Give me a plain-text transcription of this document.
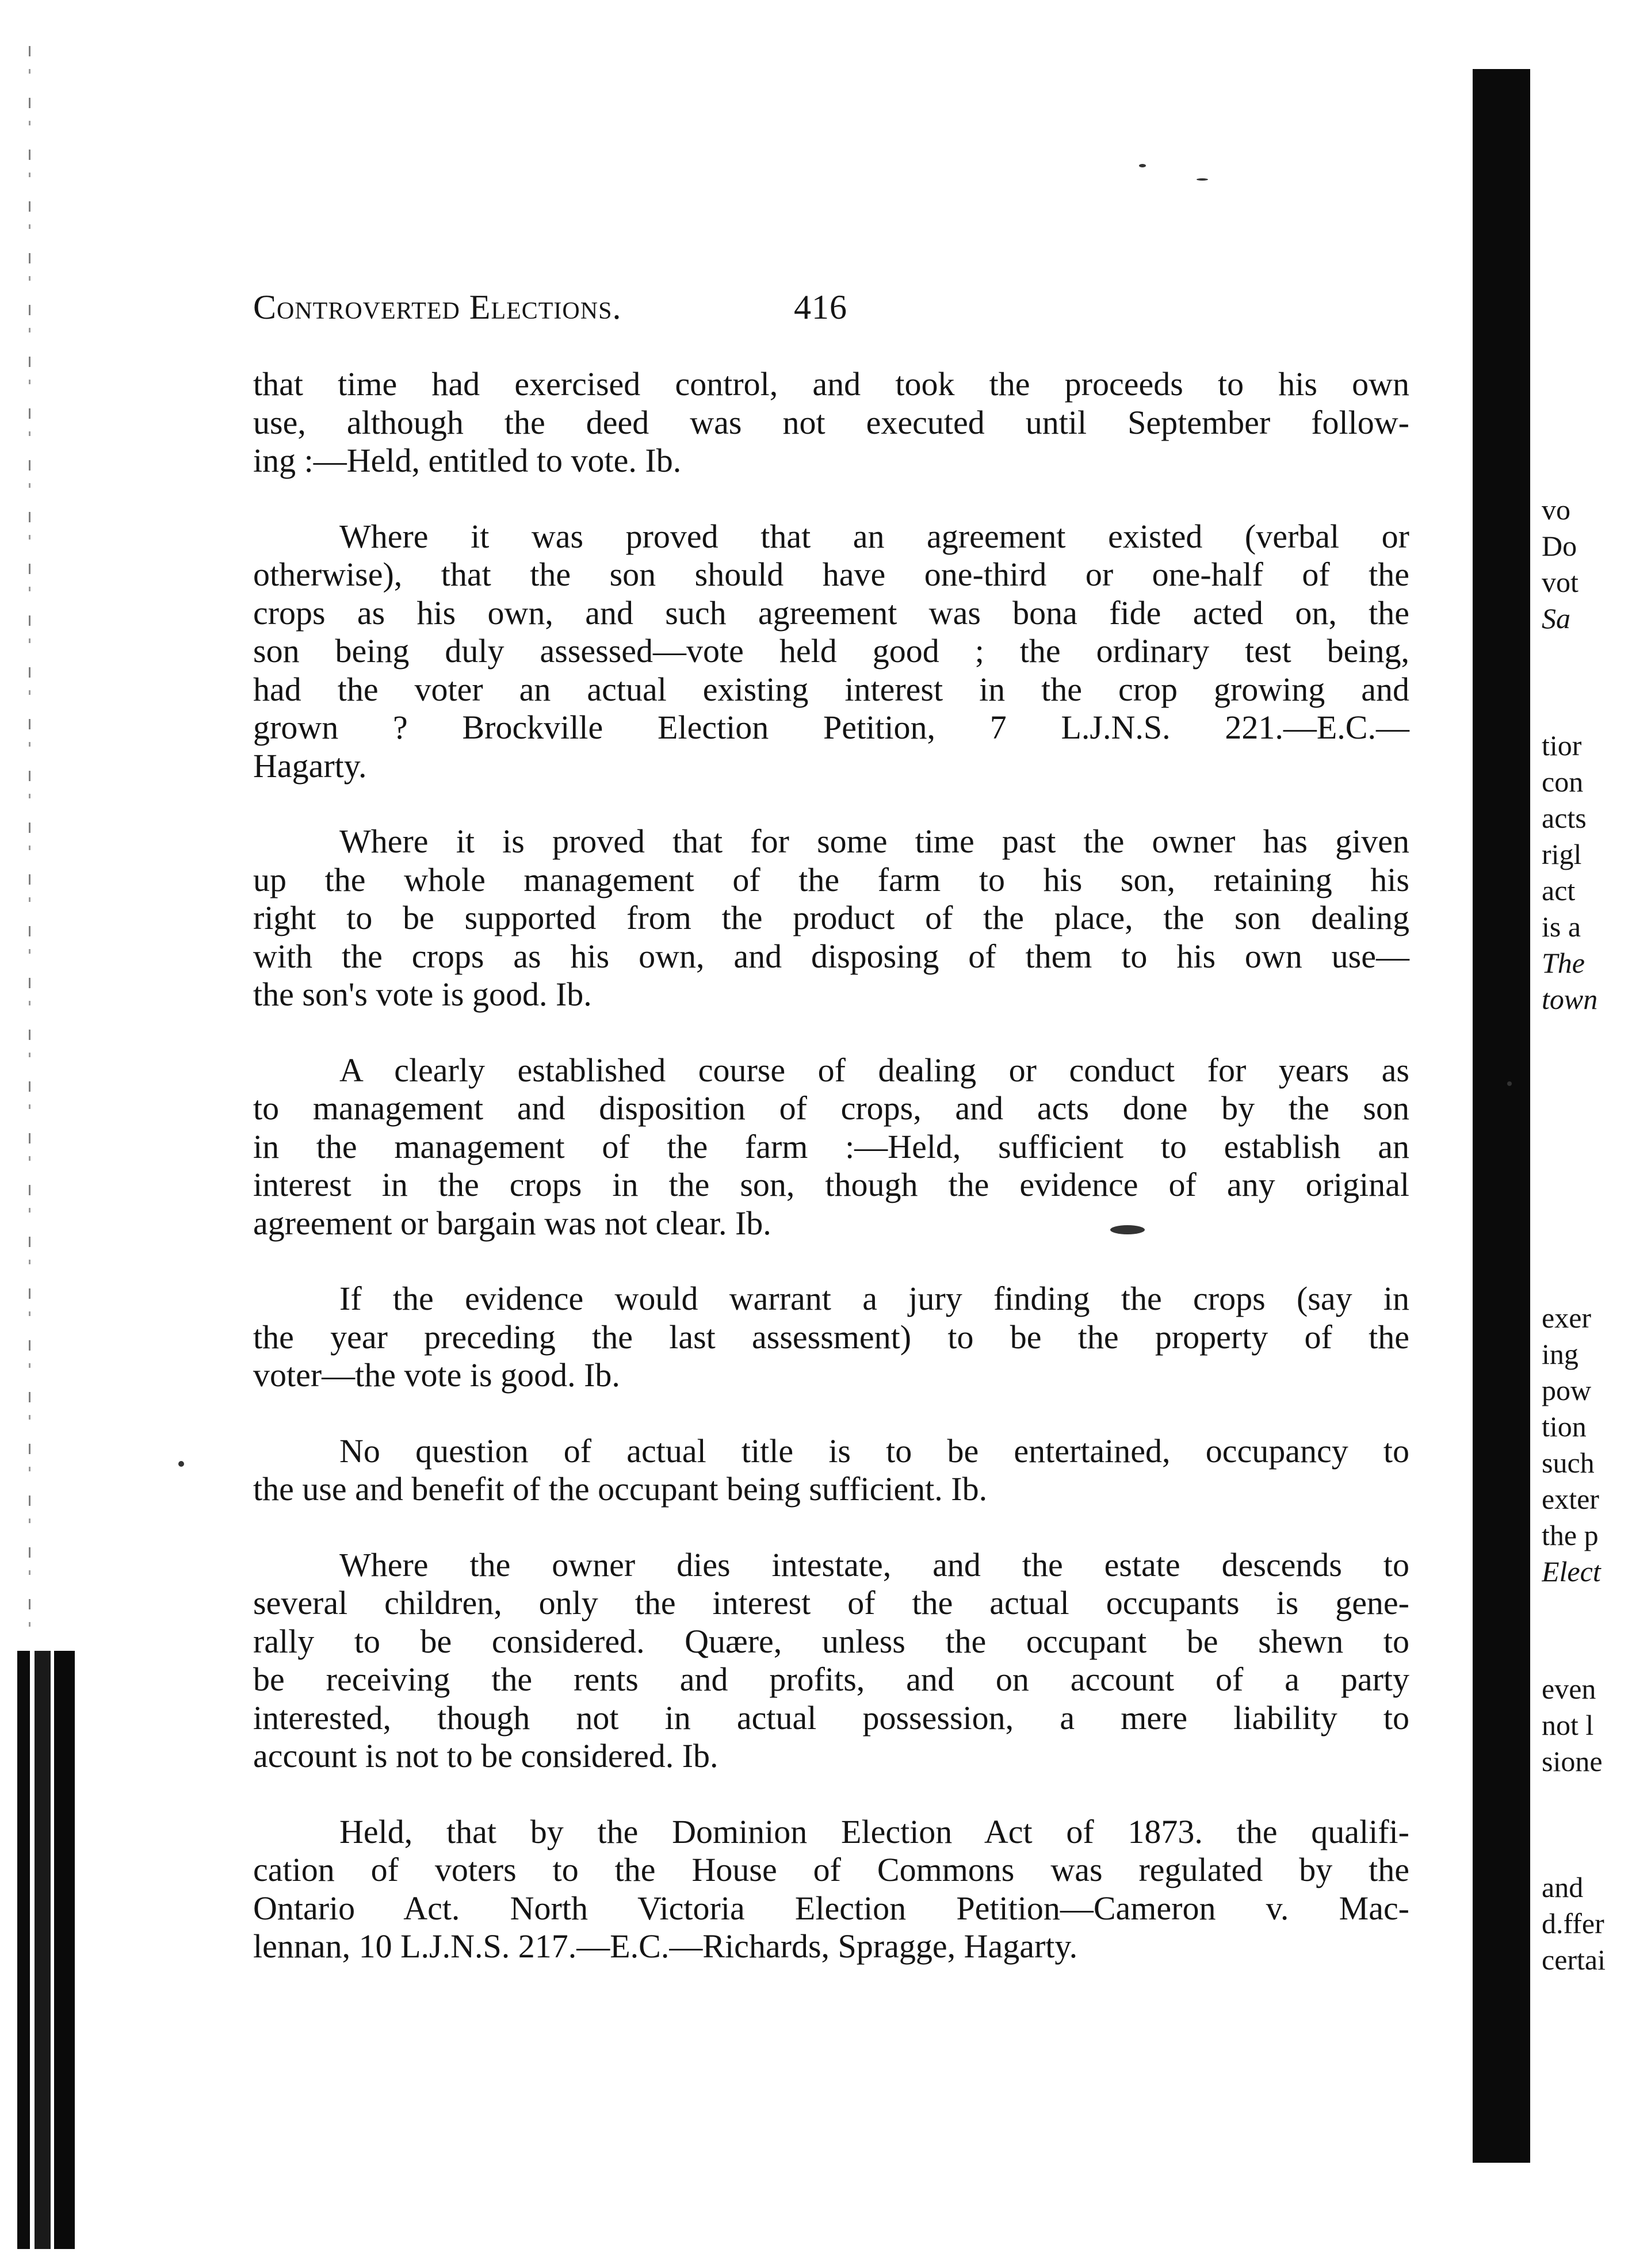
Controverted Elections.	416

that time had exercised control, and took the proceeds to his own
use, although the deed was not executed until September follow-
ing :—Held, entitled to vote. Ib.

Where it was proved that an agreement existed (verbal or
otherwise), that the son should have one-third or one-half of the
crops as his own, and such agreement was bona fide acted on, the
son being duly assessed—vote held good ; the ordinary test being,
had the voter an actual existing interest in the crop growing and
grown ? Brockville Election Petition, 7 L.J.N.S. 221.—E.C.—
Hagarty.

Where it is proved that for some time past the owner has given
up the whole management of the farm to his son, retaining his
right to be supported from the product of the place, the son dealing
with the crops as his own, and disposing of them to his own use—
the son's vote is good. Ib.

A clearly established course of dealing or conduct for years as
to management and disposition of crops, and acts done by the son
in the management of the farm :—Held, sufficient to establish an
interest in the crops in the son, though the evidence of any original
agreement or bargain was not clear. Ib.

If the evidence would warrant a jury finding the crops (say in
the year preceding the last assessment) to be the property of the
voter—the vote is good. Ib.

No question of actual title is to be entertained, occupancy to
the use and benefit of the occupant being sufficient. Ib.

Where the owner dies intestate, and the estate descends to
several children, only the interest of the actual occupants is gene-
rally to be considered. Quære, unless the occupant be shewn to
be receiving the rents and profits, and on account of a party
interested, though not in actual possession, a mere liability to
account is not to be considered. Ib.

Held, that by the Dominion Election Act of 1873. the qualifi-
cation of voters to the House of Commons was regulated by the
Ontario Act. North Victoria Election Petition—Cameron v. Mac-
lennan, 10 L.J.N.S. 217.—E.C.—Richards, Spragge, Hagarty.

vo
Do
vot
Sa
tior
con
acts
rigl
act
is a
The
town
exer
ing
pow
tion
such
exter
the p
Elect
even
not l
sione
and
d.ffer
certai
